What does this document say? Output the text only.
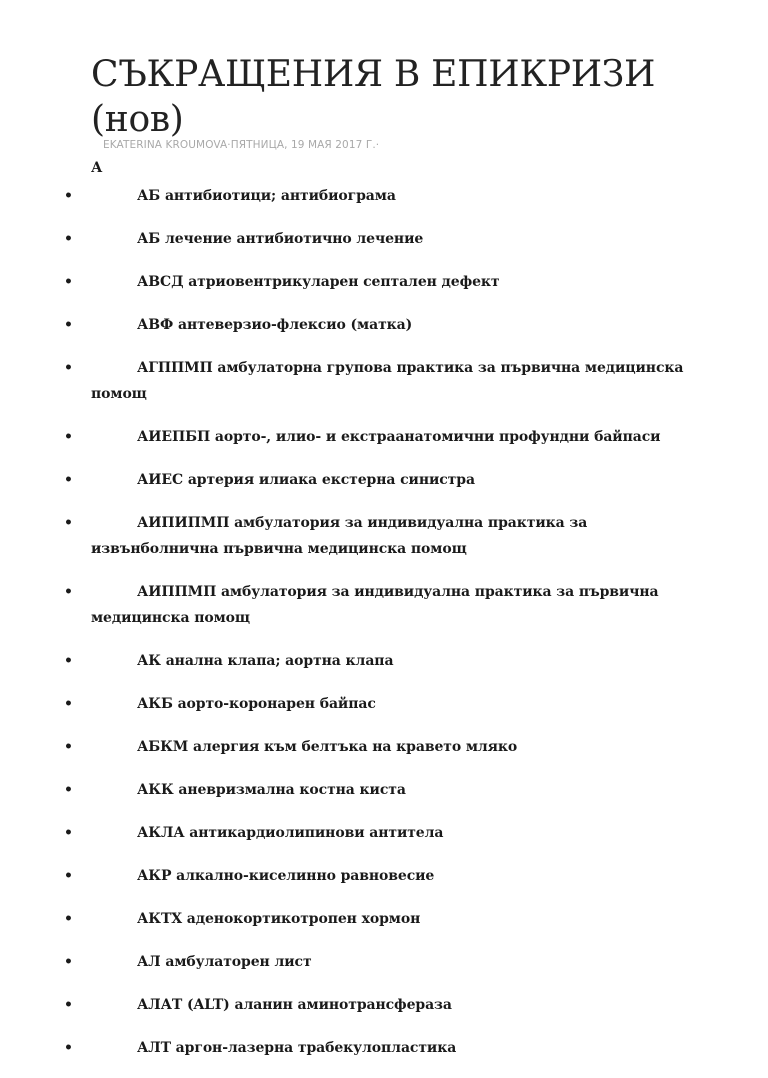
СЪКРАЩЕНИЯ В ЕПИКРИЗИ (нов)
EKATERINA KROUMOVA·ПЯТНИЦА, 19 МАЯ 2017 Г.·
А
•	АБ антибиотици; антибиограма
•	АБ лечение антибиотично лечение
•	АВСД атриовентрикуларен септален дефект
•	АВФ антеверзио-флексио (матка)
•	АГППМП амбулаторна групова практика за първична медицинска помощ
•	АИЕПБП аорто-, илио- и екстраанатомични профундни байпаси
•	АИЕС артерия илиака екстерна синистра
•	АИПИПМП амбулатория за индивидуална практика за извънболнична първична медицинска помощ
•	АИППМП амбулатория за индивидуална практика за първична медицинска помощ
•	АК анална клапа; аортна клапа
•	АКБ аорто-коронарен байпас
•	АБКМ алергия към белтъка на кравето мляко
•	АКК аневризмална костна киста
•	АКЛА антикардиолипинови антитела
•	АКР алкално-киселинно равновесие
•	АКТХ аденокортикотропен хормон
•	АЛ амбулаторен лист
•	АЛАТ (ALT) аланин аминотрансфераза
•	АЛТ аргон-лазерна трабекулопластика
